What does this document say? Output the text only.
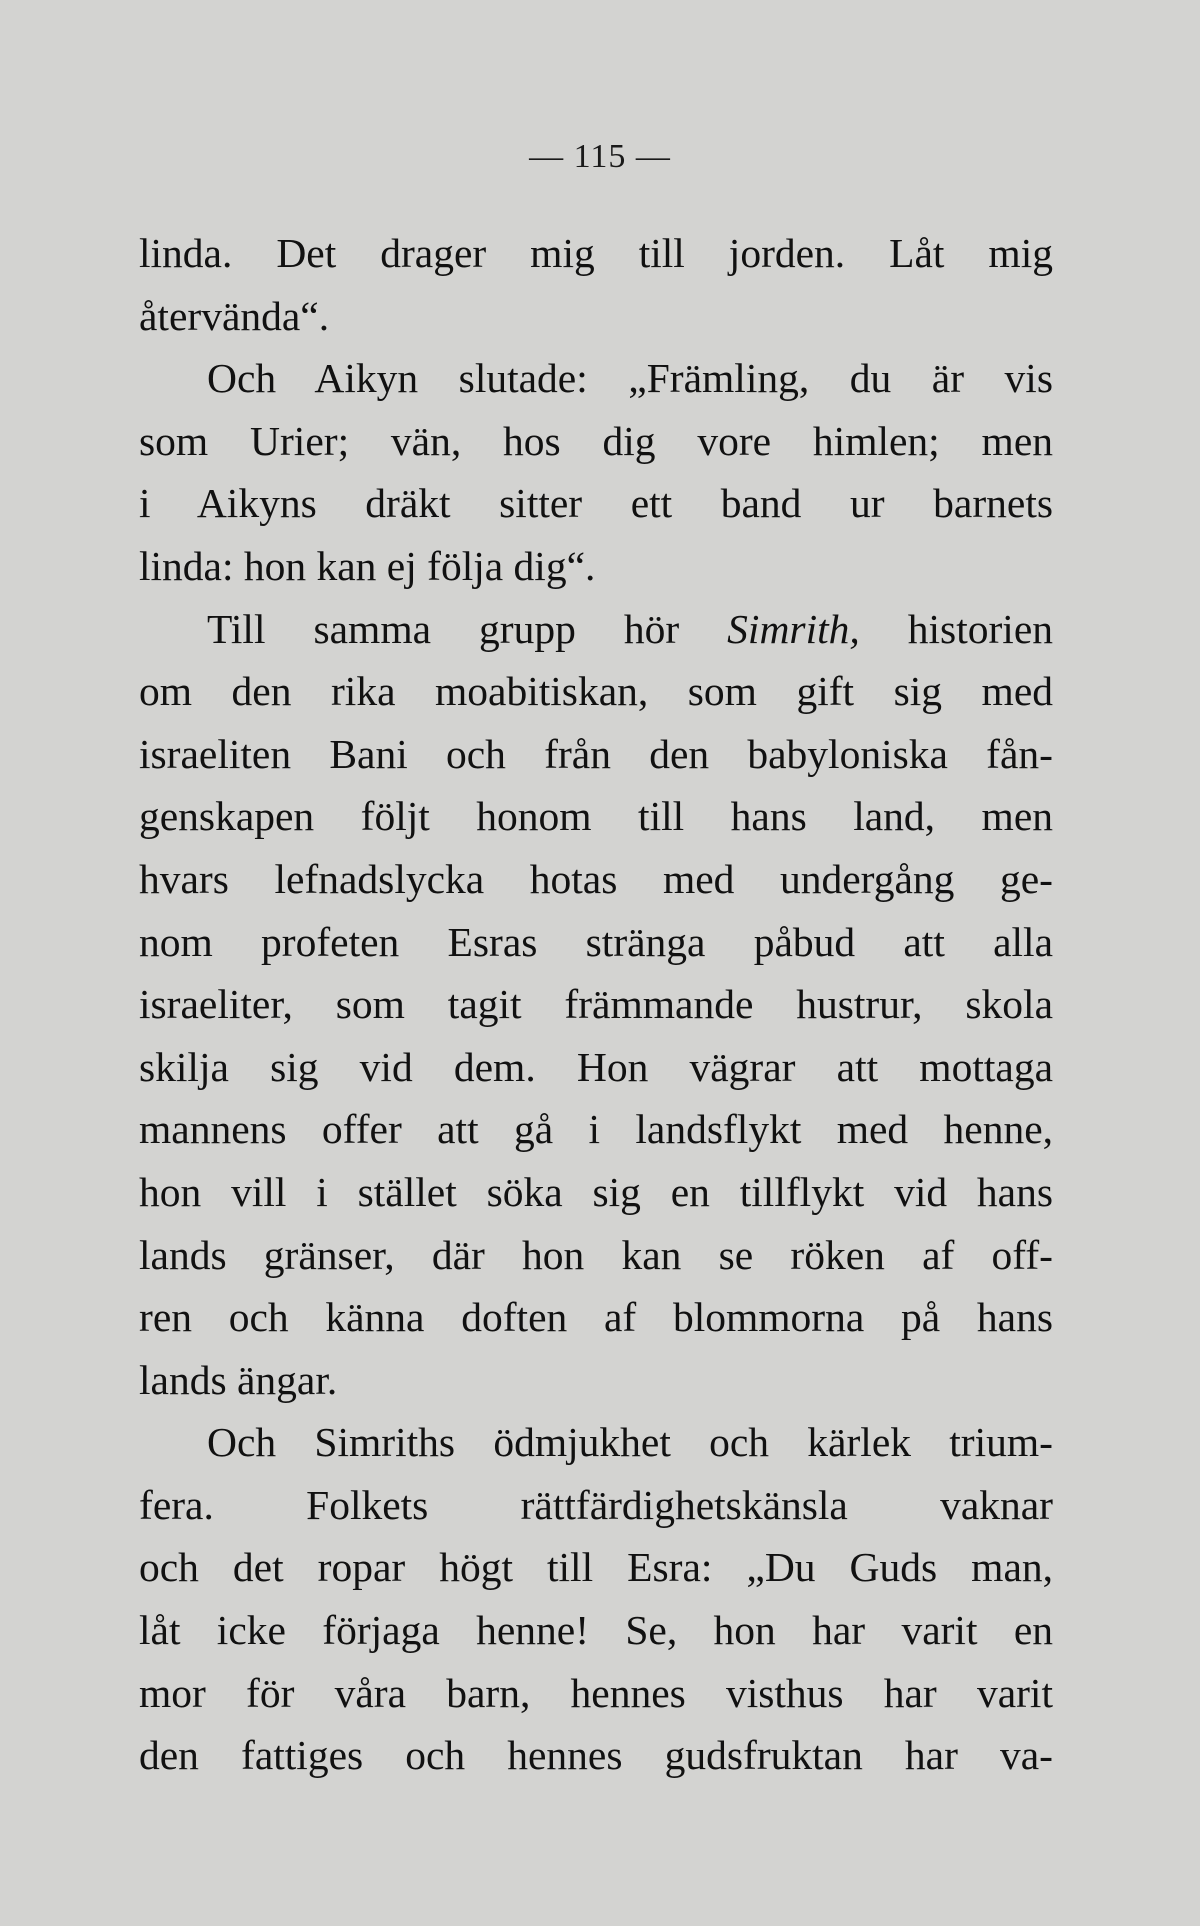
— 115 —
linda. Det drager mig till jorden. Låt mig
återvända“.
Och Aikyn slutade: „Främling, du är vis
som Urier; vän, hos dig vore himlen; men
i Aikyns dräkt sitter ett band ur barnets
linda: hon kan ej följa dig“.
Till samma grupp hör Simrith, historien
om den rika moabitiskan, som gift sig med
israeliten Bani och från den babyloniska fån-
genskapen följt honom till hans land, men
hvars lefnadslycka hotas med undergång ge-
nom profeten Esras stränga påbud att alla
israeliter, som tagit främmande hustrur, skola
skilja sig vid dem. Hon vägrar att mottaga
mannens offer att gå i landsflykt med henne,
hon vill i stället söka sig en tillflykt vid hans
lands gränser, där hon kan se röken af off-
ren och känna doften af blommorna på hans
lands ängar.
Och Simriths ödmjukhet och kärlek trium-
fera. Folkets rättfärdighetskänsla vaknar
och det ropar högt till Esra: „Du Guds man,
låt icke förjaga henne! Se, hon har varit en
mor för våra barn, hennes visthus har varit
den fattiges och hennes gudsfruktan har va-
